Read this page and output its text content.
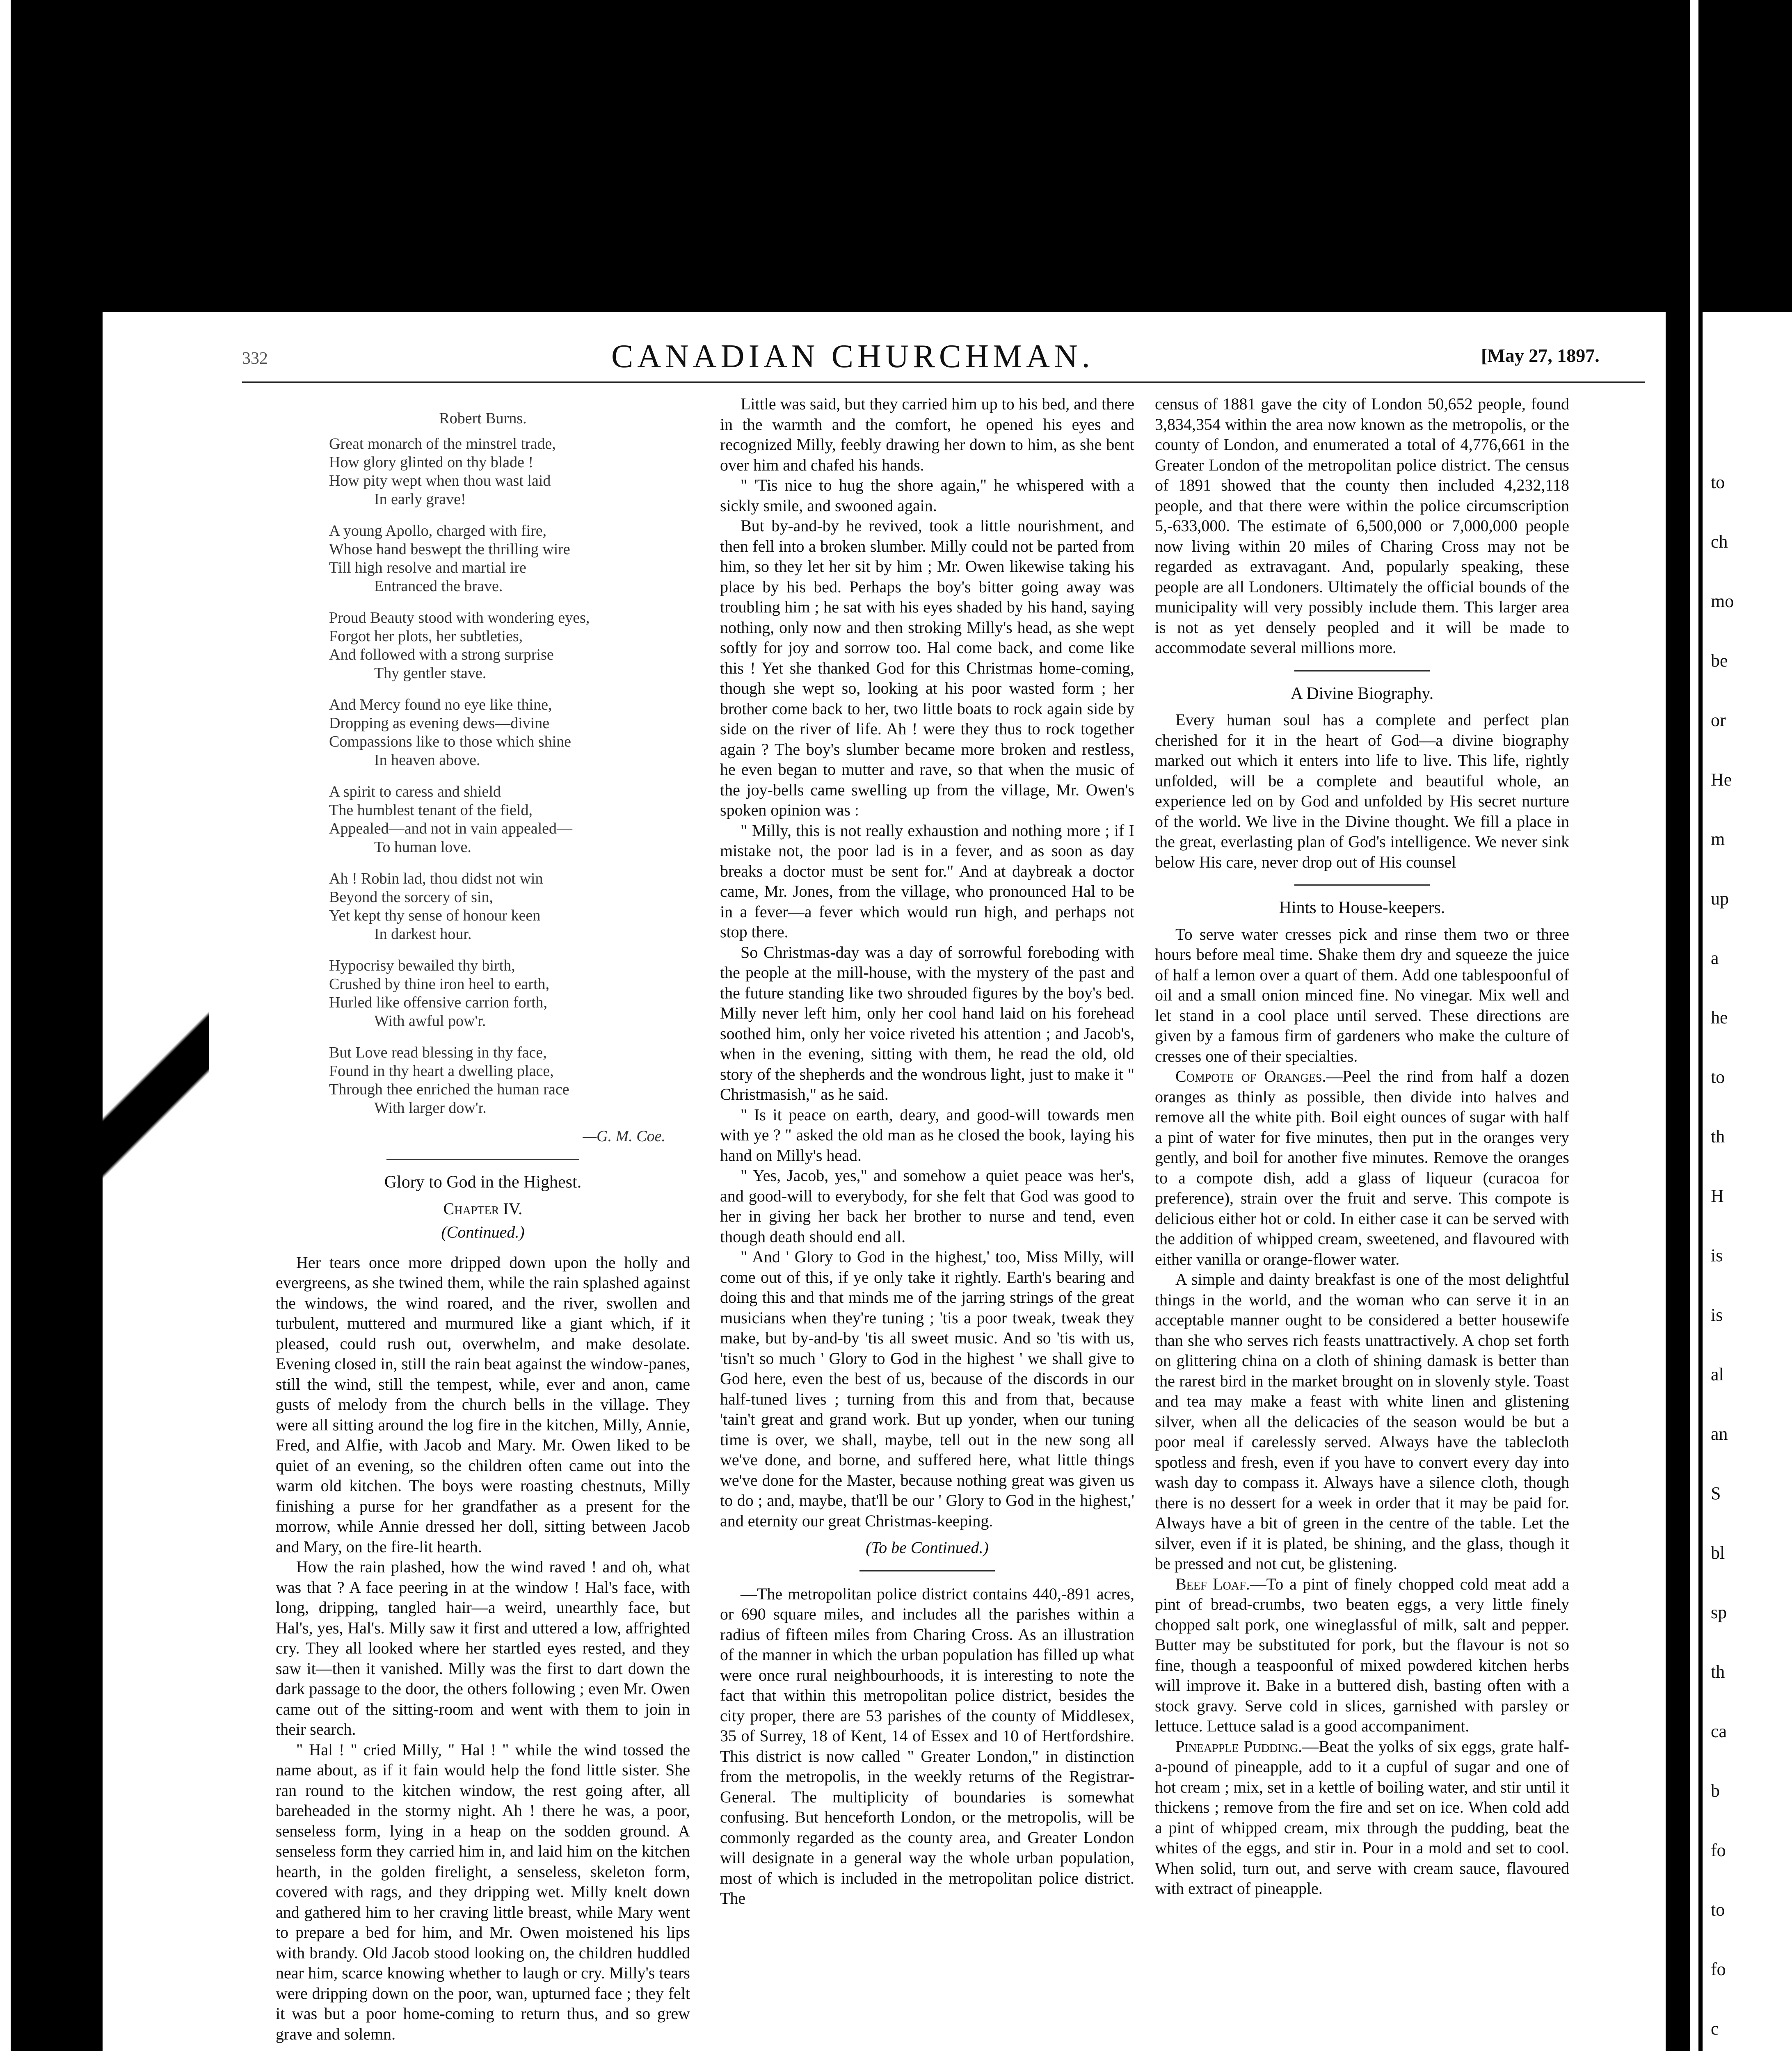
to
ch
mo
be
or
He
m
up
a
he
to
th
H
is
is
al
an
S
bl
sp
th
ca
b
fo
to
fo
c
332	CANADIAN CHURCHMAN.	[May 27, 1897.
Robert Burns.
Great monarch of the minstrel trade,
How glory glinted on thy blade !
How pity wept when thou wast laid
In early grave!
A young Apollo, charged with fire,
Whose hand beswept the thrilling wire
Till high resolve and martial ire
Entranced the brave.
Proud Beauty stood with wondering eyes,
Forgot her plots, her subtleties,
And followed with a strong surprise
Thy gentler stave.
And Mercy found no eye like thine,
Dropping as evening dews—divine
Compassions like to those which shine
In heaven above.
A spirit to caress and shield
The humblest tenant of the field,
Appealed—and not in vain appealed—
To human love.
Ah ! Robin lad, thou didst not win
Beyond the sorcery of sin,
Yet kept thy sense of honour keen
In darkest hour.
Hypocrisy bewailed thy birth,
Crushed by thine iron heel to earth,
Hurled like offensive carrion forth,
With awful pow'r.
But Love read blessing in thy face,
Found in thy heart a dwelling place,
Through thee enriched the human race
With larger dow'r.
—G. M. Coe.
Glory to God in the Highest.
Chapter IV.
(Continued.)

Her tears once more dripped down upon the holly and evergreens, as she twined them, while the rain splashed against the windows, the wind roared, and the river, swollen and turbulent, muttered and murmured like a giant which, if it pleased, could rush out, overwhelm, and make desolate. Evening closed in, still the rain beat against the window-panes, still the wind, still the tempest, while, ever and anon, came gusts of melody from the church bells in the village. They were all sitting around the log fire in the kitchen, Milly, Annie, Fred, and Alfie, with Jacob and Mary. Mr. Owen liked to be quiet of an evening, so the children often came out into the warm old kitchen. The boys were roasting chestnuts, Milly finishing a purse for her grandfather as a present for the morrow, while Annie dressed her doll, sitting between Jacob and Mary, on the fire-lit hearth.

How the rain plashed, how the wind raved ! and oh, what was that ? A face peering in at the window ! Hal's face, with long, dripping, tangled hair—a weird, unearthly face, but Hal's, yes, Hal's. Milly saw it first and uttered a low, affrighted cry. They all looked where her startled eyes rested, and they saw it—then it vanished. Milly was the first to dart down the dark passage to the door, the others following ; even Mr. Owen came out of the sitting-room and went with them to join in their search.

" Hal ! " cried Milly, " Hal ! " while the wind tossed the name about, as if it fain would help the fond little sister. She ran round to the kitchen window, the rest going after, all bareheaded in the stormy night. Ah ! there he was, a poor, senseless form, lying in a heap on the sodden ground. A senseless form they carried him in, and laid him on the kitchen hearth, in the golden firelight, a senseless, skeleton form, covered with rags, and they dripping wet. Milly knelt down and gathered him to her craving little breast, while Mary went to prepare a bed for him, and Mr. Owen moistened his lips with brandy. Old Jacob stood looking on, the children huddled near him, scarce knowing whether to laugh or cry. Milly's tears were dripping down on the poor, wan, upturned face ; they felt it was but a poor home-coming to return thus, and so grew grave and solemn.

Little was said, but they carried him up to his bed, and there in the warmth and the comfort, he opened his eyes and recognized Milly, feebly drawing her down to him, as she bent over him and chafed his hands.

" 'Tis nice to hug the shore again," he whispered with a sickly smile, and swooned again.

But by-and-by he revived, took a little nourishment, and then fell into a broken slumber. Milly could not be parted from him, so they let her sit by him ; Mr. Owen likewise taking his place by his bed. Perhaps the boy's bitter going away was troubling him ; he sat with his eyes shaded by his hand, saying nothing, only now and then stroking Milly's head, as she wept softly for joy and sorrow too. Hal come back, and come like this ! Yet she thanked God for this Christmas home-coming, though she wept so, looking at his poor wasted form ; her brother come back to her, two little boats to rock again side by side on the river of life. Ah ! were they thus to rock together again ? The boy's slumber became more broken and restless, he even began to mutter and rave, so that when the music of the joy-bells came swelling up from the village, Mr. Owen's spoken opinion was :

" Milly, this is not really exhaustion and nothing more ; if I mistake not, the poor lad is in a fever, and as soon as day breaks a doctor must be sent for." And at daybreak a doctor came, Mr. Jones, from the village, who pronounced Hal to be in a fever—a fever which would run high, and perhaps not stop there.

So Christmas-day was a day of sorrowful foreboding with the people at the mill-house, with the mystery of the past and the future standing like two shrouded figures by the boy's bed. Milly never left him, only her cool hand laid on his forehead soothed him, only her voice riveted his attention ; and Jacob's, when in the evening, sitting with them, he read the old, old story of the shepherds and the wondrous light, just to make it " Christmasish," as he said.

" Is it peace on earth, deary, and good-will towards men with ye ? " asked the old man as he closed the book, laying his hand on Milly's head.

" Yes, Jacob, yes," and somehow a quiet peace was her's, and good-will to everybody, for she felt that God was good to her in giving her back her brother to nurse and tend, even though death should end all.

" And ' Glory to God in the highest,' too, Miss Milly, will come out of this, if ye only take it rightly. Earth's bearing and doing this and that minds me of the jarring strings of the great musicians when they're tuning ; 'tis a poor tweak, tweak they make, but by-and-by 'tis all sweet music. And so 'tis with us, 'tisn't so much ' Glory to God in the highest ' we shall give to God here, even the best of us, because of the discords in our half-tuned lives ; turning from this and from that, because 'tain't great and grand work. But up yonder, when our tuning time is over, we shall, maybe, tell out in the new song all we've done, and borne, and suffered here, what little things we've done for the Master, because nothing great was given us to do ; and, maybe, that'll be our ' Glory to God in the highest,' and eternity our great Christmas-keeping.

(To be Continued.)

—The metropolitan police district contains 440,-891 acres, or 690 square miles, and includes all the parishes within a radius of fifteen miles from Charing Cross. As an illustration of the manner in which the urban population has filled up what were once rural neighbourhoods, it is interesting to note the fact that within this metropolitan police district, besides the city proper, there are 53 parishes of the county of Middlesex, 35 of Surrey, 18 of Kent, 14 of Essex and 10 of Hertfordshire. This district is now called " Greater London," in distinction from the metropolis, in the weekly returns of the Registrar-General. The multiplicity of boundaries is somewhat confusing. But henceforth London, or the metropolis, will be commonly regarded as the county area, and Greater London will designate in a general way the whole urban population, most of which is included in the metropolitan police district. The

census of 1881 gave the city of London 50,652 people, found 3,834,354 within the area now known as the metropolis, or the county of London, and enumerated a total of 4,776,661 in the Greater London of the metropolitan police district. The census of 1891 showed that the county then included 4,232,118 people, and that there were within the police circumscription 5,-633,000. The estimate of 6,500,000 or 7,000,000 people now living within 20 miles of Charing Cross may not be regarded as extravagant. And, popularly speaking, these people are all Londoners. Ultimately the official bounds of the municipality will very possibly include them. This larger area is not as yet densely peopled and it will be made to accommodate several millions more.

A Divine Biography.

Every human soul has a complete and perfect plan cherished for it in the heart of God—a divine biography marked out which it enters into life to live. This life, rightly unfolded, will be a complete and beautiful whole, an experience led on by God and unfolded by His secret nurture of the world. We live in the Divine thought. We fill a place in the great, everlasting plan of God's intelligence. We never sink below His care, never drop out of His counsel

Hints to House-keepers.

To serve water cresses pick and rinse them two or three hours before meal time. Shake them dry and squeeze the juice of half a lemon over a quart of them. Add one tablespoonful of oil and a small onion minced fine. No vinegar. Mix well and let stand in a cool place until served. These directions are given by a famous firm of gardeners who make the culture of cresses one of their specialties.

Compote of Oranges.—Peel the rind from half a dozen oranges as thinly as possible, then divide into halves and remove all the white pith. Boil eight ounces of sugar with half a pint of water for five minutes, then put in the oranges very gently, and boil for another five minutes. Remove the oranges to a compote dish, add a glass of liqueur (curacoa for preference), strain over the fruit and serve. This compote is delicious either hot or cold. In either case it can be served with the addition of whipped cream, sweetened, and flavoured with either vanilla or orange-flower water.

A simple and dainty breakfast is one of the most delightful things in the world, and the woman who can serve it in an acceptable manner ought to be considered a better housewife than she who serves rich feasts unattractively. A chop set forth on glittering china on a cloth of shining damask is better than the rarest bird in the market brought on in slovenly style. Toast and tea may make a feast with white linen and glistening silver, when all the delicacies of the season would be but a poor meal if carelessly served. Always have the tablecloth spotless and fresh, even if you have to convert every day into wash day to compass it. Always have a silence cloth, though there is no dessert for a week in order that it may be paid for. Always have a bit of green in the centre of the table. Let the silver, even if it is plated, be shining, and the glass, though it be pressed and not cut, be glistening.

Beef Loaf.—To a pint of finely chopped cold meat add a pint of bread-crumbs, two beaten eggs, a very little finely chopped salt pork, one wineglassful of milk, salt and pepper. Butter may be substituted for pork, but the flavour is not so fine, though a teaspoonful of mixed powdered kitchen herbs will improve it. Bake in a buttered dish, basting often with a stock gravy. Serve cold in slices, garnished with parsley or lettuce. Lettuce salad is a good accompaniment.

Pineapple Pudding.—Beat the yolks of six eggs, grate half-a-pound of pineapple, add to it a cupful of sugar and one of hot cream ; mix, set in a kettle of boiling water, and stir until it thickens ; remove from the fire and set on ice. When cold add a pint of whipped cream, mix through the pudding, beat the whites of the eggs, and stir in. Pour in a mold and set to cool. When solid, turn out, and serve with cream sauce, flavoured with extract of pineapple.
